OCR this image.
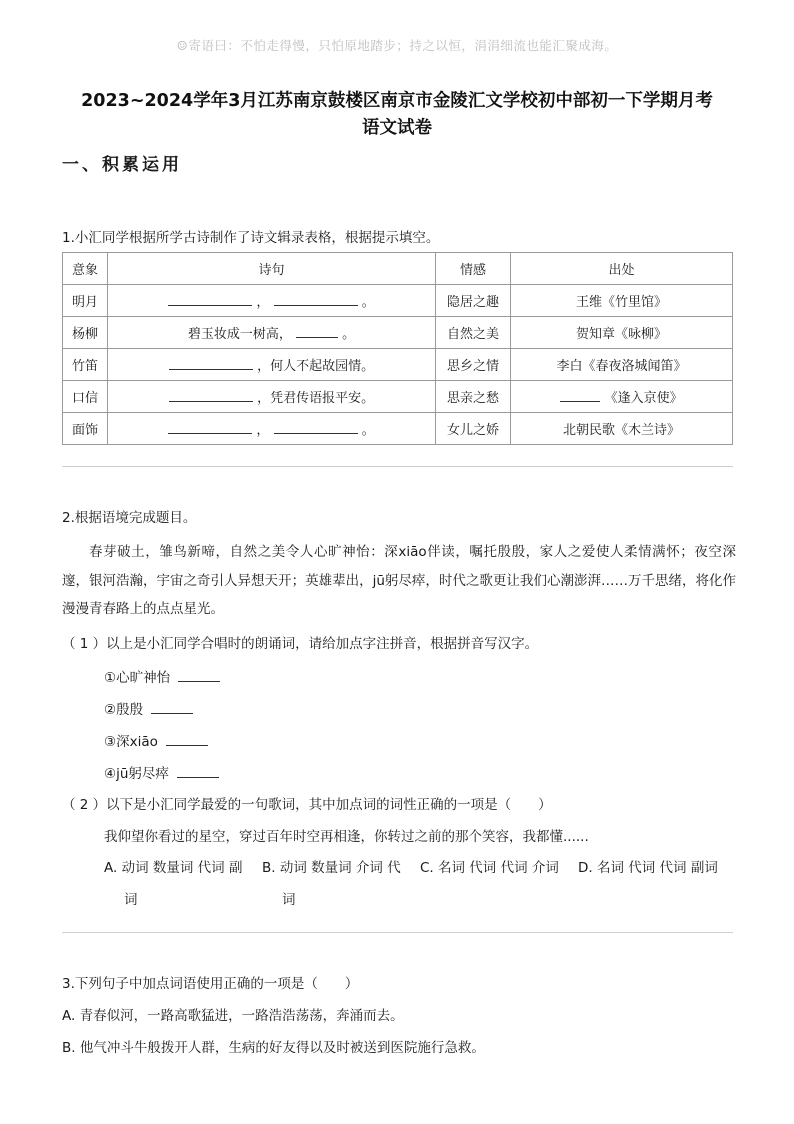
☺寄语曰：不怕走得慢，只怕原地踏步；持之以恒，涓涓细流也能汇聚成海。
2023~2024学年3月江苏南京鼓楼区南京市金陵汇文学校初中部初一下学期月考
语文试卷
一、积累运用
1.小汇同学根据所学古诗制作了诗文辑录表格，根据提示填空。
意象	诗句	情感	出处
明月	， 。	隐居之趣	王维《竹里馆》
杨柳	碧玉妆成一树高， 。	自然之美	贺知章《咏柳》
竹笛	，何人不起故园情。	思乡之情	李白《春夜洛城闻笛》
口信	，凭君传语报平安。	思亲之愁	《逢入京使》
面饰	， 。	女儿之娇	北朝民歌《木兰诗》
2.根据语境完成题目。
春芽破土，雏鸟新啼，自然之美令人心旷神怡：深xiāo伴读，嘱托殷殷，家人之爱使人柔情满怀；夜空深邃，银河浩瀚，宇宙之奇引人异想天开；英雄辈出，jū躬尽瘁，时代之歌更让我们心潮澎湃……万千思绪，将化作漫漫青春路上的点点星光。
（ 1 ）以上是小汇同学合唱时的朗诵词，请给加点字注拼音，根据拼音写汉字。
①心旷神怡
②殷殷
③深xiāo
④jū躬尽瘁
（ 2 ）以下是小汇同学最爱的一句歌词，其中加点词的词性正确的一项是（　　）
我仰望你看过的星空，穿过百年时空再相逢，你转过之前的那个笑容，我都懂......
A. 动词 数量词 代词 副
词
B. 动词 数量词 介词 代
词
C. 名词 代词 代词 介词 D. 名词 代词 代词 副词
3.下列句子中加点词语使用正确的一项是（　　）
A. 青春似河，一路高歌猛进，一路浩浩荡荡，奔涌而去。
B. 他气冲斗牛般拨开人群，生病的好友得以及时被送到医院施行急救。
